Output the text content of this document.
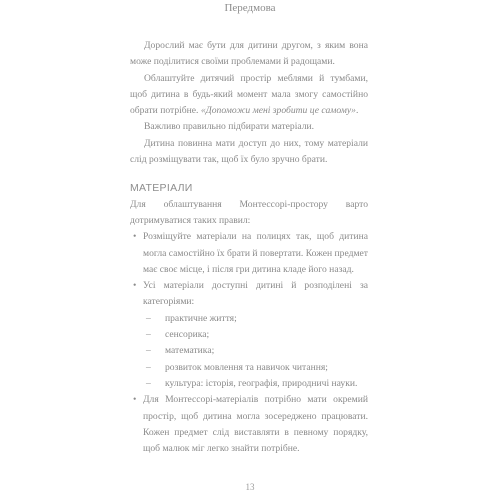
Передмова

Дорослий має бути для дитини другом, з яким вона може поділитися своїми проблемами й радощами.

Облаштуйте дитячий простір меблями й тумбами, щоб дитина в будь-який момент мала змогу самостійно обрати потрібне. «Допоможи мені зробити це самому».

Важливо правильно підбирати матеріали.

Дитина повинна мати доступ до них, тому матеріали слід розміщувати так, щоб їх було зручно брати.

МАТЕРІАЛИ

Для облаштування Монтессорі-простору варто дотримуватися таких правил:

• Розміщуйте матеріали на полицях так, щоб дитина могла самостійно їх брати й повертати. Кожен предмет має своє місце, і після гри дитина кладе його назад.
• Усі матеріали доступні дитині й розподілені за категоріями:
– практичне життя;
– сенсорика;
– математика;
– розвиток мовлення та навичок читання;
– культура: історія, географія, природничі науки.
• Для Монтессорі-матеріалів потрібно мати окремий простір, щоб дитина могла зосереджено працювати. Кожен предмет слід виставляти в певному порядку, щоб малюк міг легко знайти потрібне.
13
